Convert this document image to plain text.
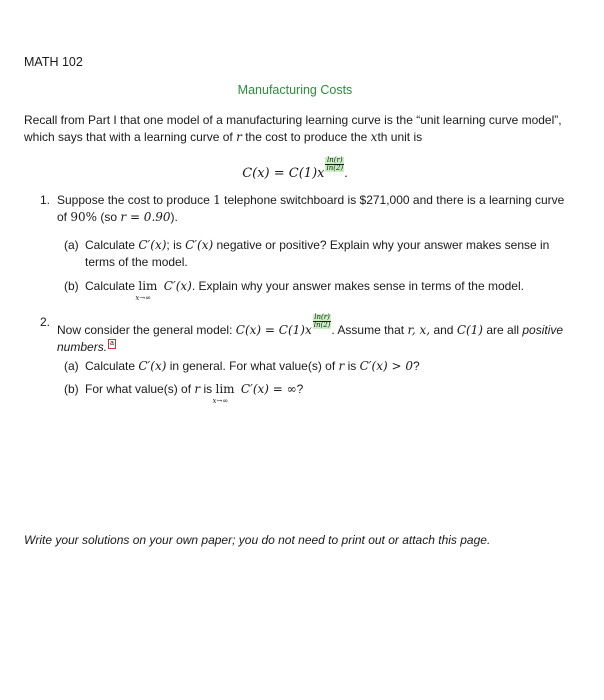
MATH 102
Manufacturing Costs
Recall from Part I that one model of a manufacturing learning curve is the “unit learning curve model”, which says that with a learning curve of r the cost to produce the xth unit is
C(x) = C(1)x
$\frac{\ln(r)}{\ln(2)}$
.
1. Suppose the cost to produce 1 telephone switchboard is $271,000 and there is a learning curve of 90% (so r = 0.90).
(a) Calculate C′(x); is C′(x) negative or positive? Explain why your answer makes sense in terms of the model.
(b) Calculate lim
x→∞
C′(x). Explain why your answer makes sense in terms of the model.
2.
Now consider the general model: C(x) = C(1)x
$\frac{\ln(r)}{\ln(2)}$
. Assume that r, x, and C(1) are all positive numbers. a
(a) Calculate C′(x) in general. For what value(s) of r is C′(x) > 0?
(b) For what value(s) of r is lim
x→∞
C′(x) = ∞?
Write your solutions on your own paper; you do not need to print out or attach this page.
